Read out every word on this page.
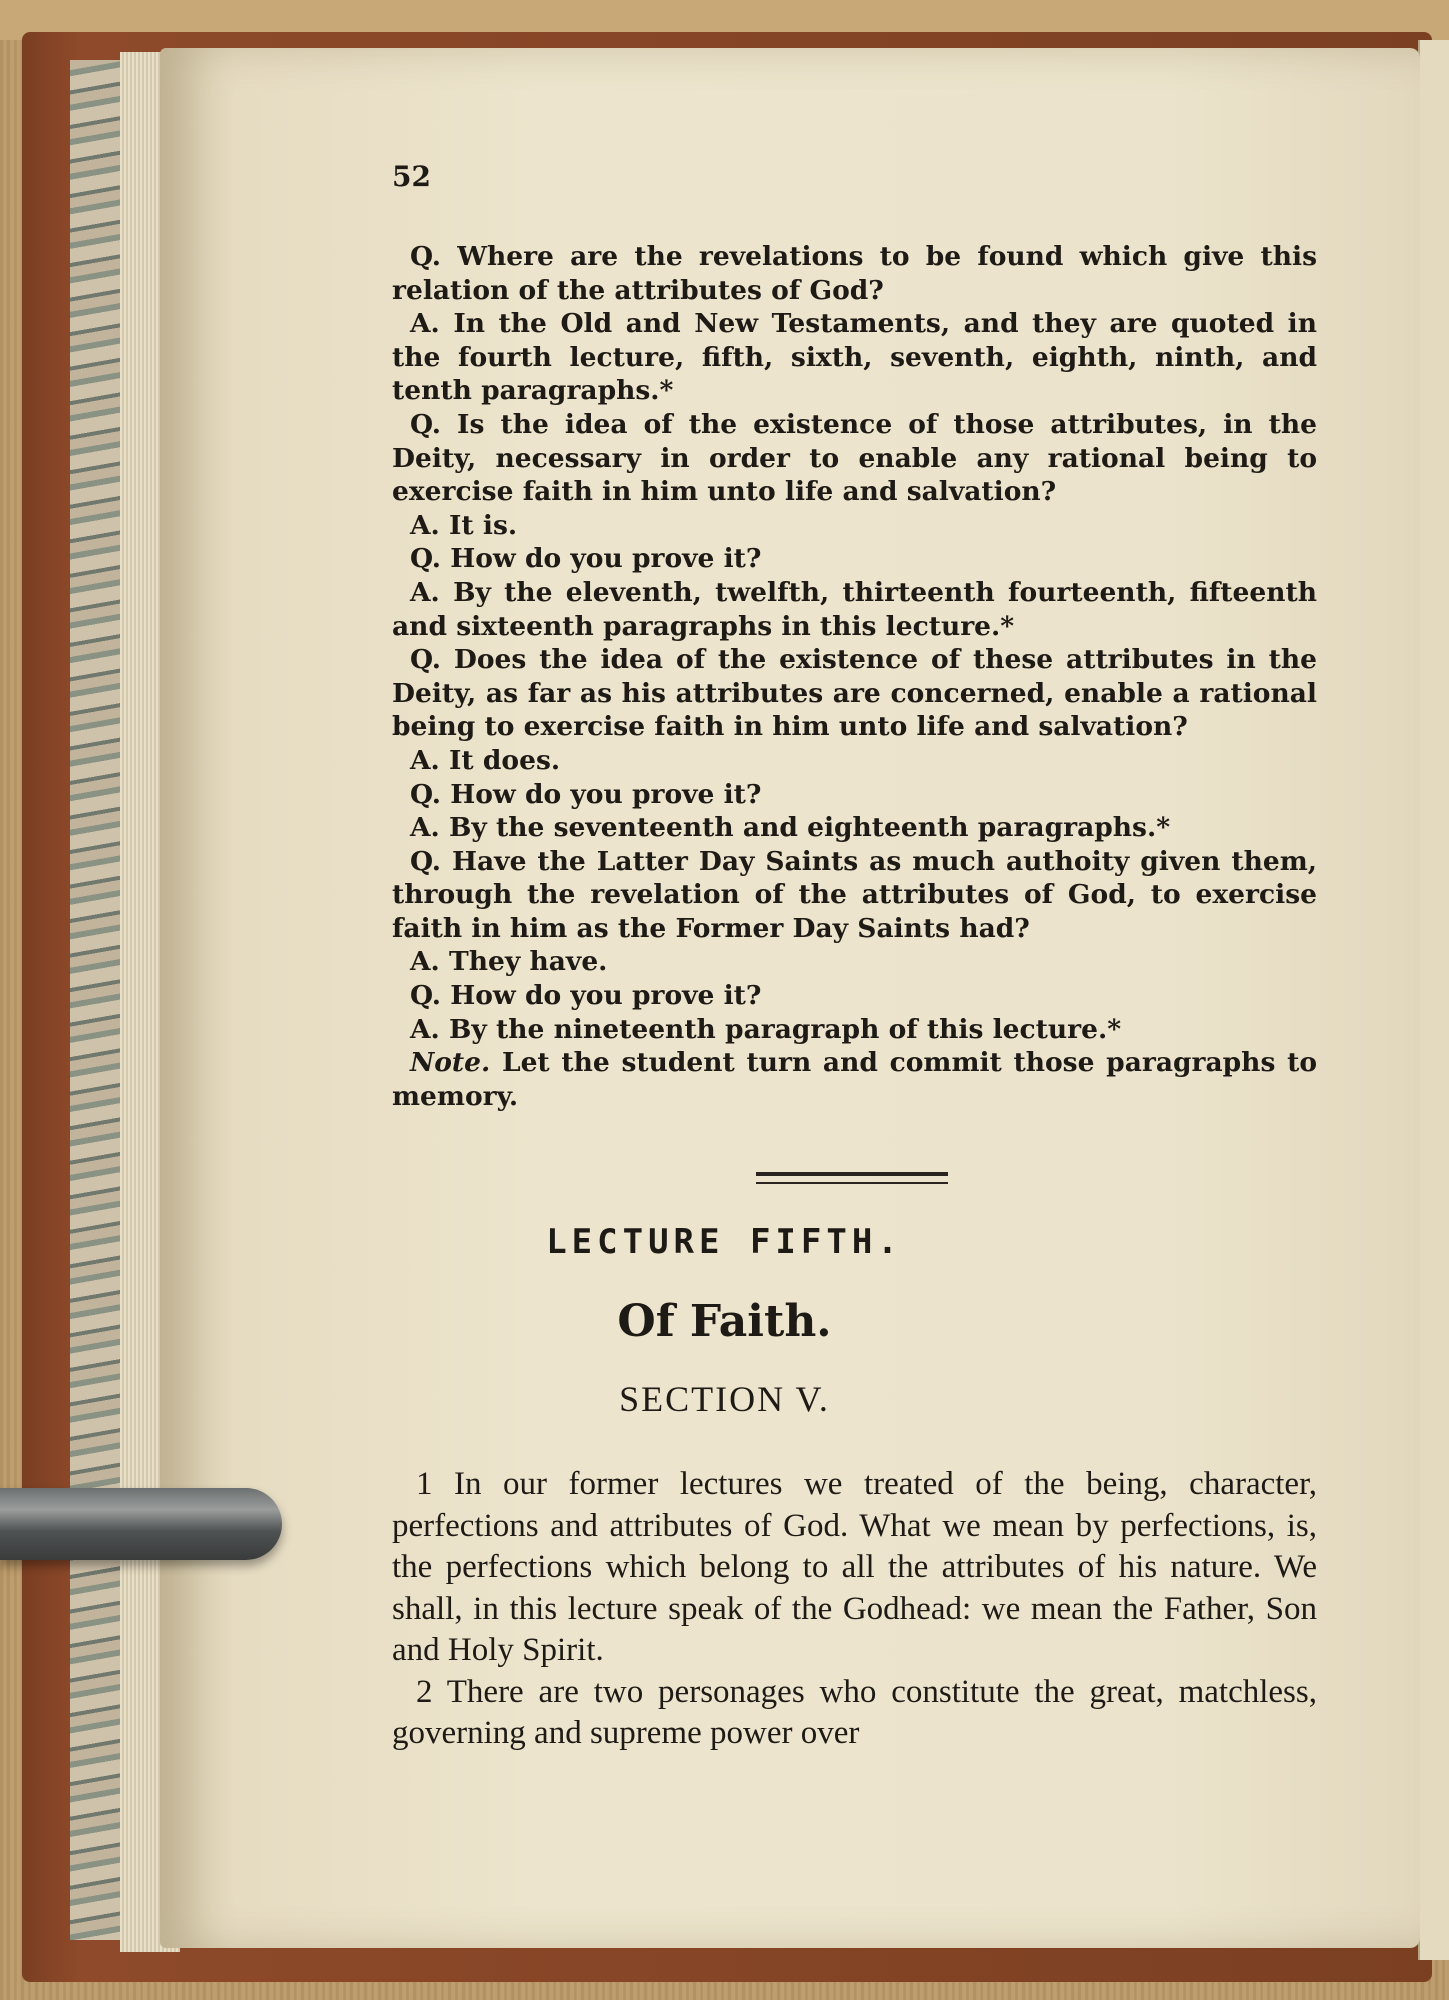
52

Q. Where are the revelations to be found which give this relation of the attributes of God?

A. In the Old and New Testaments, and they are quoted in the fourth lecture, fifth, sixth, seventh, eighth, ninth, and tenth paragraphs.*

Q. Is the idea of the existence of those attributes, in the Deity, necessary in order to enable any rational being to exercise faith in him unto life and salvation?

A. It is.

Q. How do you prove it?

A. By the eleventh, twelfth, thirteenth fourteenth, fifteenth and sixteenth paragraphs in this lecture.*

Q. Does the idea of the existence of these attributes in the Deity, as far as his attributes are concerned, enable a rational being to exercise faith in him unto life and salvation?

A. It does.

Q. How do you prove it?

A. By the seventeenth and eighteenth paragraphs.*

Q. Have the Latter Day Saints as much authoity given them, through the revelation of the attributes of God, to exercise faith in him as the Former Day Saints had?

A. They have.

Q. How do you prove it?

A. By the nineteenth paragraph of this lecture.*

Note. Let the student turn and commit those paragraphs to memory.

LECTURE FIFTH.
Of Faith.
SECTION V.

1 In our former lectures we treated of the being, character, perfections and attributes of God. What we mean by perfections, is, the perfections which belong to all the attributes of his nature. We shall, in this lecture speak of the Godhead: we mean the Father, Son and Holy Spirit.

2 There are two personages who constitute the great, matchless, governing and supreme power over
